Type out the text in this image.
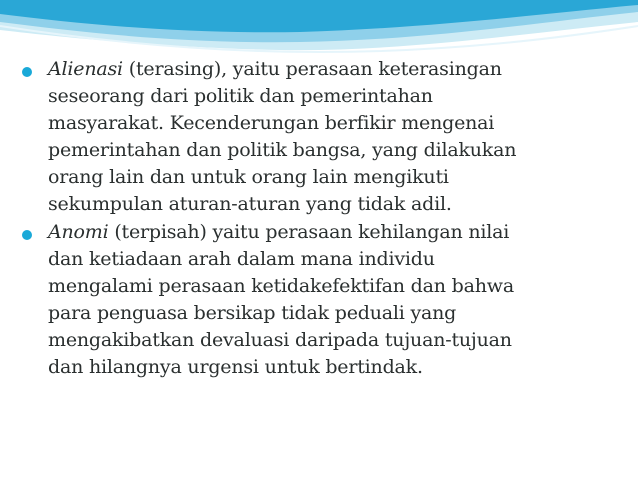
Alienasi (terasing), yaitu perasaan keterasingan
seseorang dari politik dan pemerintahan
masyarakat. Kecenderungan berfikir mengenai
pemerintahan dan politik bangsa, yang dilakukan
orang lain dan untuk orang lain mengikuti
sekumpulan aturan-aturan yang tidak adil.
Anomi (terpisah) yaitu perasaan kehilangan nilai
dan ketiadaan arah dalam mana individu
mengalami perasaan ketidakefektifan dan bahwa
para penguasa bersikap tidak peduali yang
mengakibatkan devaluasi daripada tujuan-tujuan
dan hilangnya urgensi untuk bertindak.
